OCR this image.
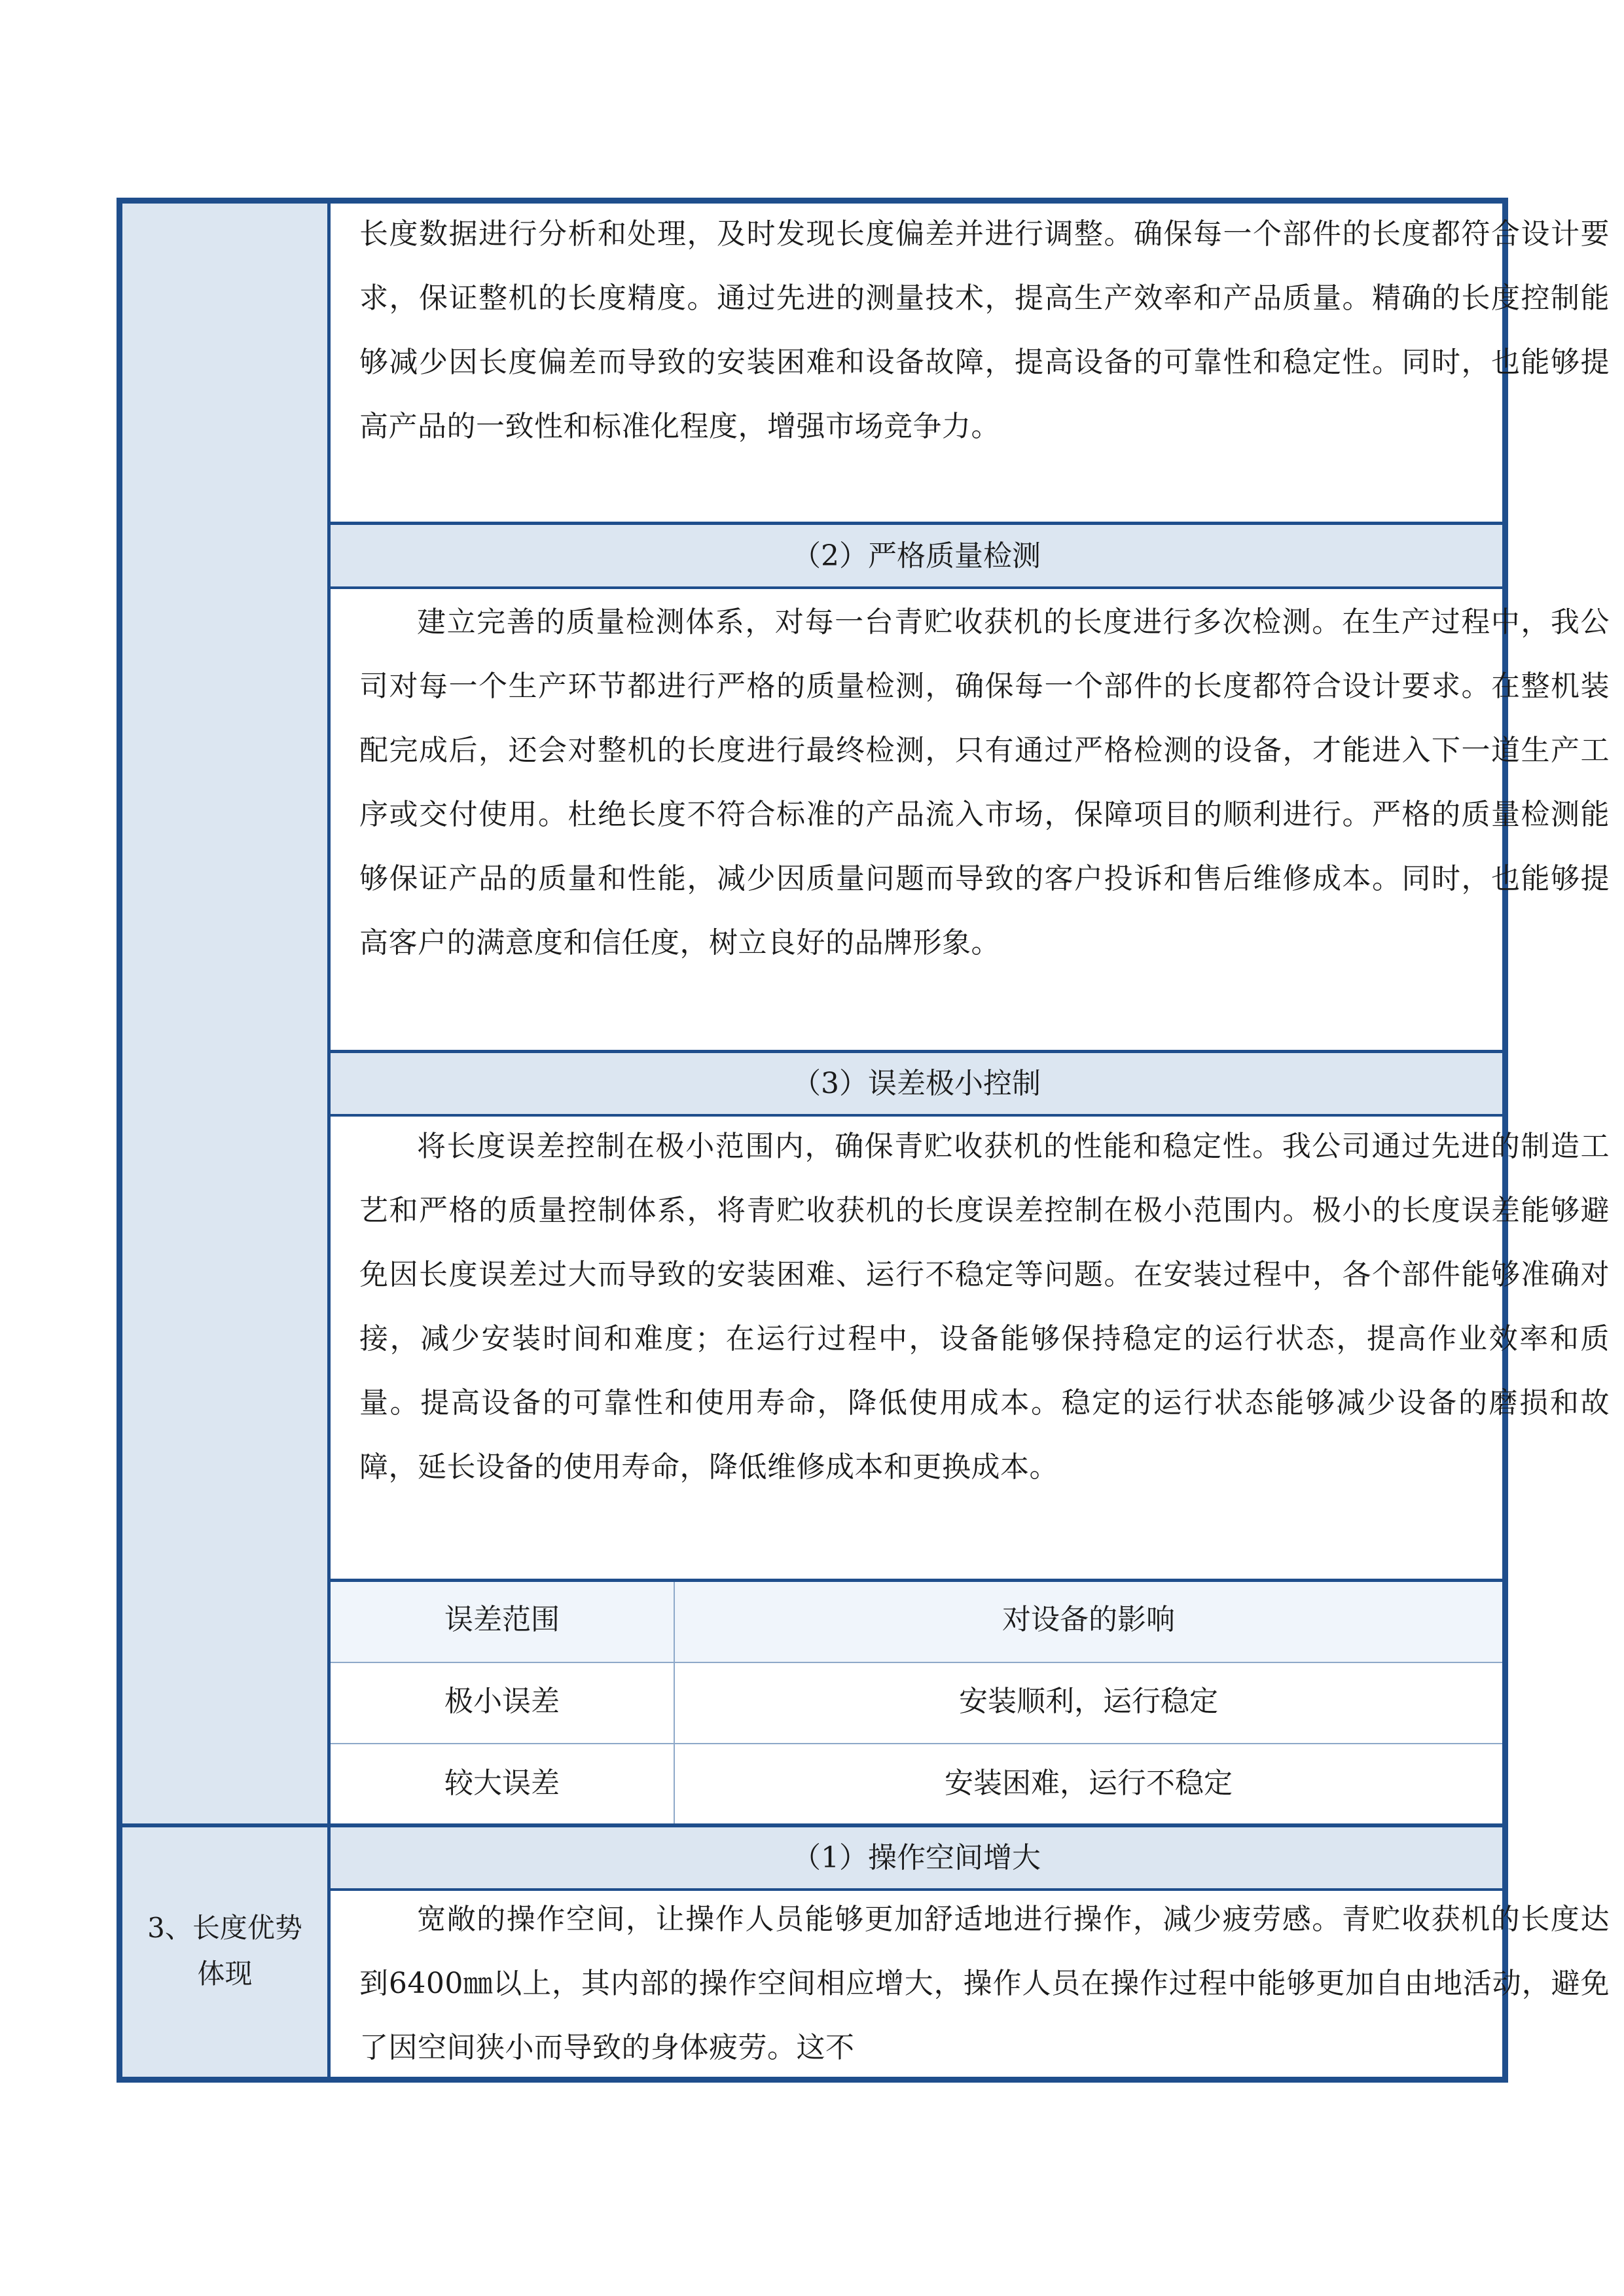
长度数据进行分析和处理，及时发现长度偏差并进行调整。确保每一个部件的长度都符合设计要求，保证整机的长度精度。通过先进的测量技术，提高生产效率和产品质量。精确的长度控制能够减少因长度偏差而导致的安装困难和设备故障，提高设备的可靠性和稳定性。同时，也能够提高产品的一致性和标准化程度，增强市场竞争力。

（2）严格质量检测

建立完善的质量检测体系，对每一台青贮收获机的长度进行多次检测。在生产过程中，我公司对每一个生产环节都进行严格的质量检测，确保每一个部件的长度都符合设计要求。在整机装配完成后，还会对整机的长度进行最终检测，只有通过严格检测的设备，才能进入下一道生产工序或交付使用。杜绝长度不符合标准的产品流入市场，保障项目的顺利进行。严格的质量检测能够保证产品的质量和性能，减少因质量问题而导致的客户投诉和售后维修成本。同时，也能够提高客户的满意度和信任度，树立良好的品牌形象。

（3）误差极小控制

将长度误差控制在极小范围内，确保青贮收获机的性能和稳定性。我公司通过先进的制造工艺和严格的质量控制体系，将青贮收获机的长度误差控制在极小范围内。极小的长度误差能够避免因长度误差过大而导致的安装困难、运行不稳定等问题。在安装过程中，各个部件能够准确对接，减少安装时间和难度；在运行过程中，设备能够保持稳定的运行状态，提高作业效率和质量。提高设备的可靠性和使用寿命，降低使用成本。稳定的运行状态能够减少设备的磨损和故障，延长设备的使用寿命，降低维修成本和更换成本。

误差范围	对设备的影响
极小误差	安装顺利，运行稳定
较大误差	安装困难，运行不稳定
3、长度优势体现
（1）操作空间增大

宽敞的操作空间，让操作人员能够更加舒适地进行操作，减少疲劳感。青贮收获机的长度达到6400㎜以上，其内部的操作空间相应增大，操作人员在操作过程中能够更加自由地活动，避免了因空间狭小而导致的身体疲劳。这不
